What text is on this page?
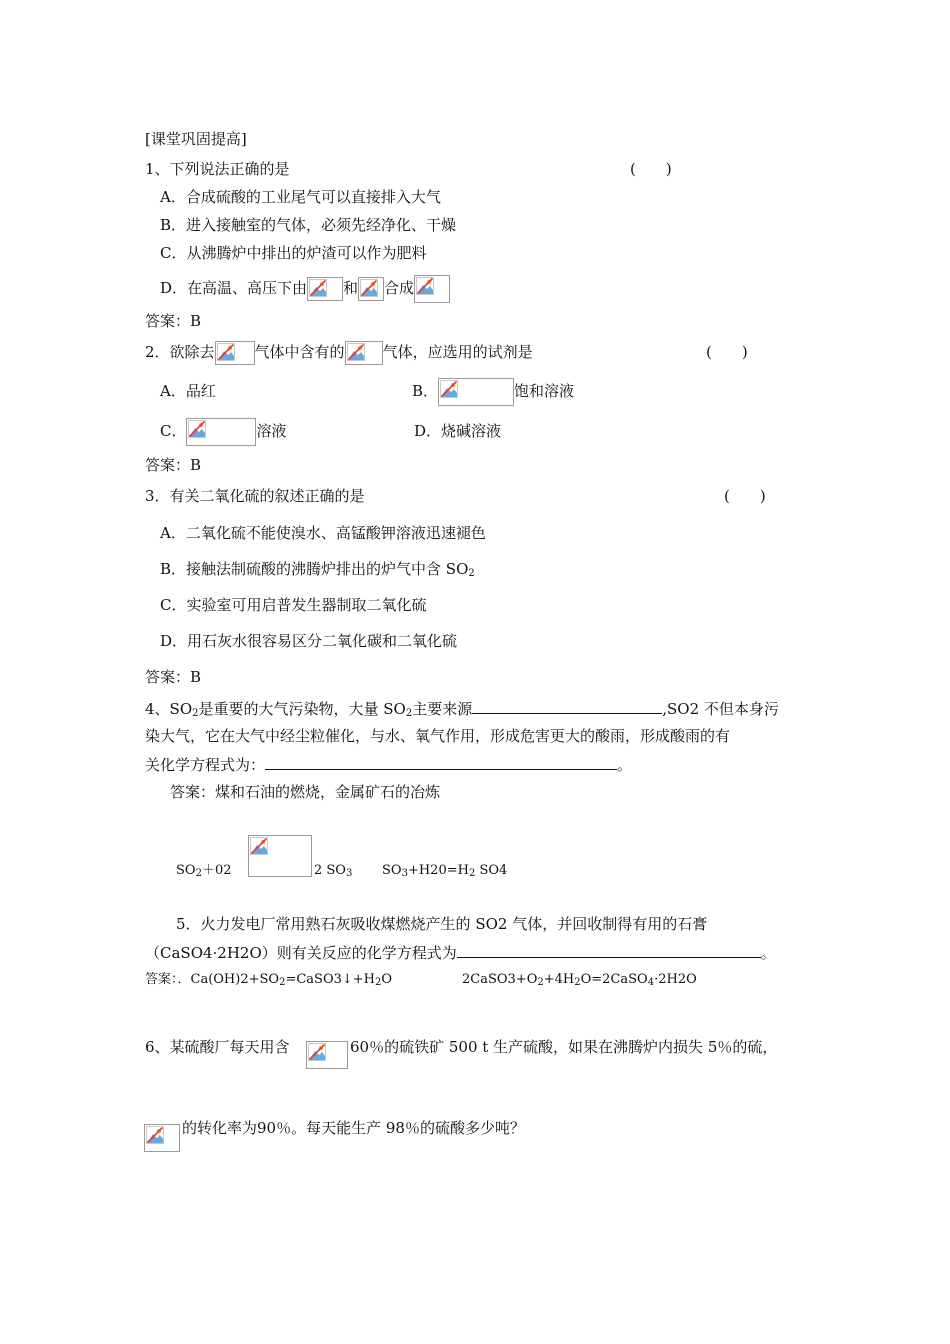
[课堂巩固提高]
1、下列说法正确的是	(　　)
A．合成硫酸的工业尾气可以直接排入大气
B．进入接触室的气体，必须先经净化、干燥
C．从沸腾炉中排出的炉渣可以作为肥料
D．在高温、高压下由 和 合成
答案：B
2．欲除去	气体中含有的	气体，应选用的试剂是	(　　)
A．品红	B．	饱和溶液
C．	溶液	D．烧碱溶液
答案：B
3．有关二氧化硫的叙述正确的是	(　　)
A．二氧化硫不能使溴水、高锰酸钾溶液迅速褪色
B．接触法制硫酸的沸腾炉排出的炉气中含 $SO_2$
C．实验室可用启普发生器制取二氧化硫
D．用石灰水很容易区分二氧化碳和二氧化硫
答案：B
4、$SO_2$是重要的大气污染物，大量 $SO_2$主要来源	,SO2 不但本身污
染大气，它在大气中经尘粒催化，与水、氧气作用，形成危害更大的酸雨，形成酸雨的有
关化学方程式为：	。
答案：煤和石油的燃烧，金属矿石的冶炼
$SO_2+02$	2 $SO_3$ $SO_3+H20=H_2$ SO4
5．火力发电厂常用熟石灰吸收煤燃烧产生的 SO2 气体，并回收制得有用的石膏
（CaSO4·2H2O）则有关反应的化学方程式为	。
答案：．$Ca(OH)2+SO_2=CaSO3↓+H_2O$	$2CaSO3+O_2+4H_2O=2CaSO_4\cdot 2H2O$
6、某硫酸厂每天用含	60％的硫铁矿 500 t 生产硫酸，如果在沸腾炉内损失 5％的硫，
的转化率为90％。每天能生产 98％的硫酸多少吨？
